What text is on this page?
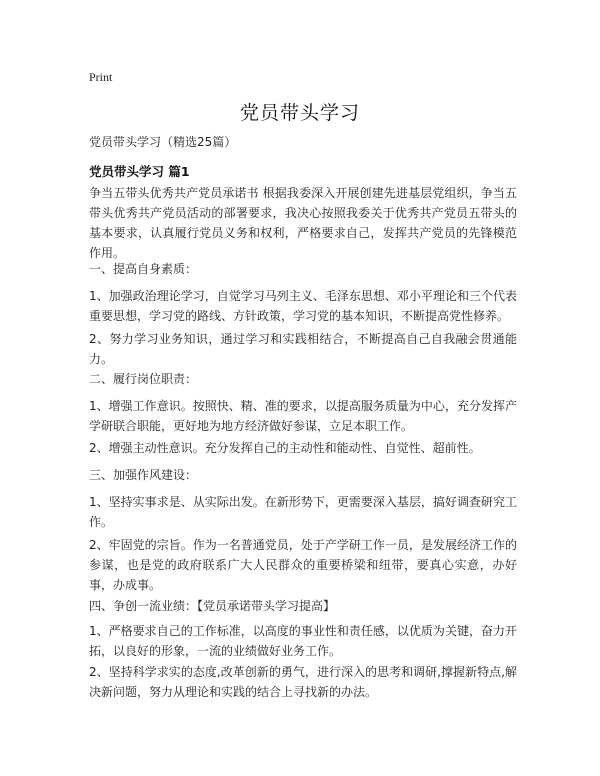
Print
党员带头学习
党员带头学习（精选25篇）
党员带头学习 篇1

争当五带头优秀共产党员承诺书 根据我委深入开展创建先进基层党组织，争当五带头优秀共产党员活动的部署要求，我决心按照我委关于优秀共产党员五带头的基本要求，认真履行党员义务和权利，严格要求自己，发挥共产党员的先锋模范作用。

一、提高自身素质：

1、加强政治理论学习，自觉学习马列主义、毛泽东思想、邓小平理论和三个代表重要思想，学习党的路线、方针政策，学习党的基本知识，不断提高党性修养。

2、努力学习业务知识，通过学习和实践相结合，不断提高自己自我融会贯通能力。

二、履行岗位职责：

1、增强工作意识。按照快、精、准的要求，以提高服务质量为中心，充分发挥产学研联合职能，更好地为地方经济做好参谋，立足本职工作。

2、增强主动性意识。充分发挥自己的主动性和能动性、自觉性、超前性。

三、加强作风建设：

1、坚持实事求是、从实际出发。在新形势下，更需要深入基层，搞好调查研究工作。

2、牢固党的宗旨。作为一名普通党员，处于产学研工作一员，是发展经济工作的参谋，也是党的政府联系广大人民群众的重要桥梁和纽带，要真心实意，办好事，办成事。

四、争创一流业绩：【党员承诺带头学习提高】

1、严格要求自己的工作标准，以高度的事业性和责任感，以优质为关键，奋力开拓，以良好的形象，一流的业绩做好业务工作。

2、坚持科学求实的态度,改革创新的勇气，进行深入的思考和调研,撑握新特点,解决新问题，努力从理论和实践的结合上寻找新的办法。
